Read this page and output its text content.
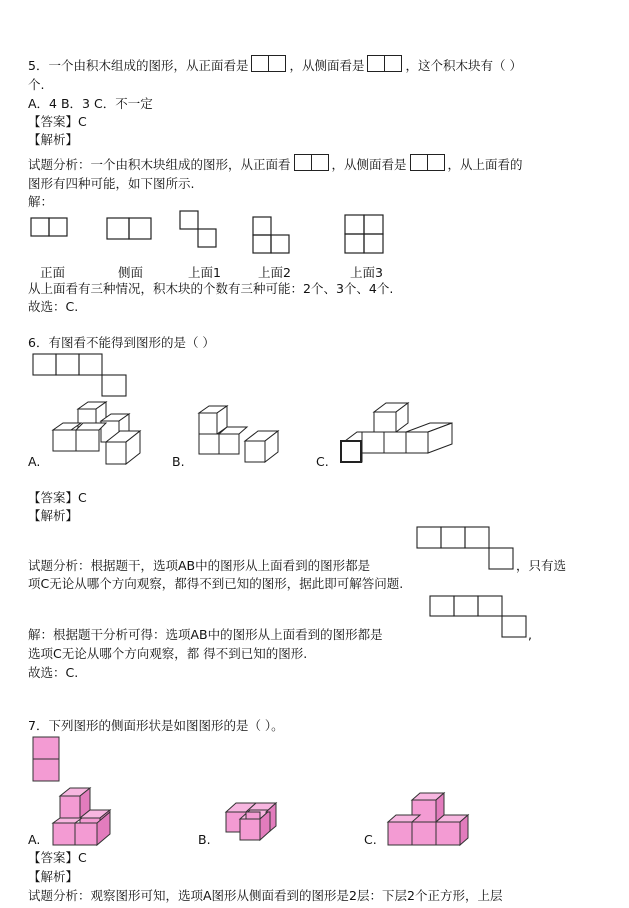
5．一个由积木组成的图形，从正面看是	，从侧面看是	，这个积木块有（ ）
个.
A．4 B．3 C．不一定
【答案】C
【解析】
试题分析：一个由积木块组成的图形，从正面看	，从侧面看是	，从上面看的
图形有四种可能，如下图所示.
解：
正面	侧面	上面1	上面2	上面3
从上面看有三种情况，积木块的个数有三种可能：2个、3个、4个.
故选：C.
6．有图看不能得到图形的是（ ）
A.	B.	C.
【答案】C
【解析】
试题分析：根据题干，选项AB中的图形从上面看到的图形都是	，只有选
项C无论从哪个方向观察，都得不到已知的图形，据此即可解答问题.
解：根据题干分析可得：选项AB中的图形从上面看到的图形都是	,
选项C无论从哪个方向观察，都 得不到已知的图形.
故选：C.
7．下列图形的侧面形状是如图图形的是（ ）。
A.	B.	C.
【答案】C
【解析】
试题分析：观察图形可知，选项A图形从侧面看到的图形是2层：下层2个正方形，上层
